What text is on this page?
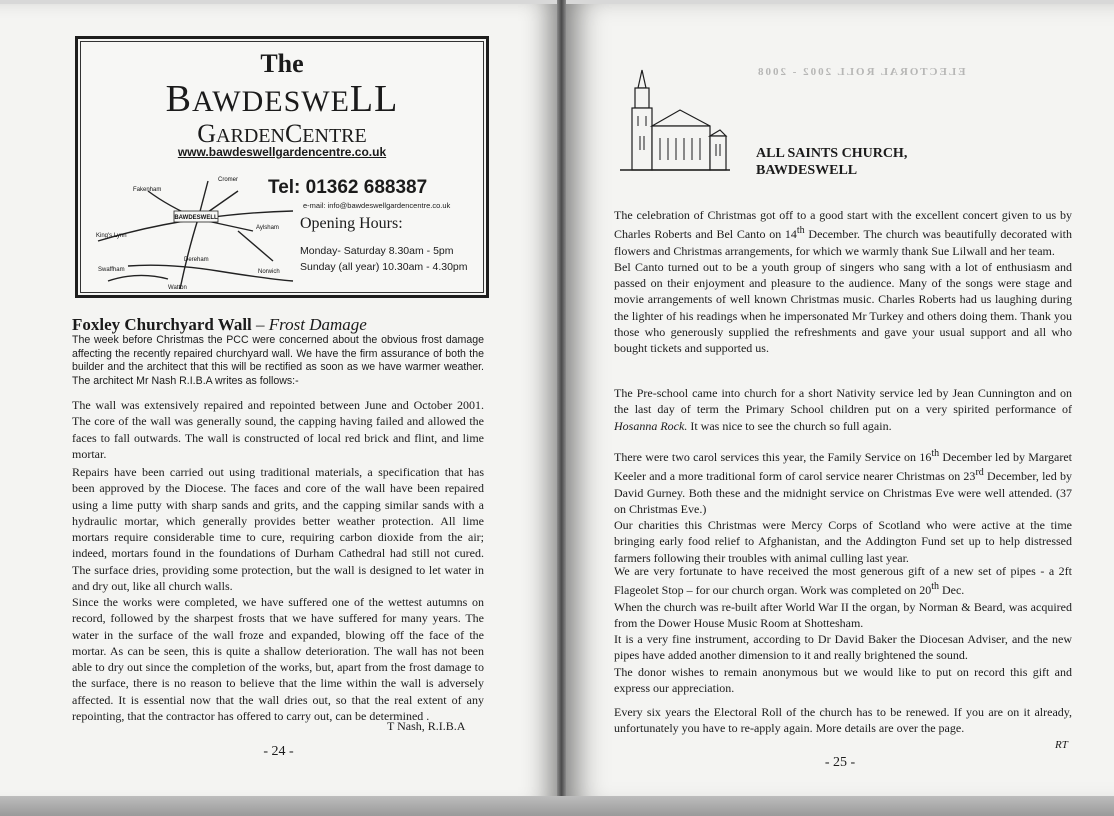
The
BAWDESWELL
GARDENCENTRE
www.bawdeswellgardencentre.co.uk
BAWDESWELL
Cromer
Fakenham
Aylsham
King's Lynn
Dereham
Norwich
Watton
Swaffham
Tel: 01362 688387
e-mail: info@bawdeswellgardencentre.co.uk
Opening Hours:
Monday- Saturday 8.30am - 5pm
Sunday (all year) 10.30am - 4.30pm
Foxley Churchyard Wall – Frost Damage
The week before Christmas the PCC were concerned about the obvious frost damage affecting the recently repaired churchyard wall. We have the firm assurance of both the builder and the architect that this will be rectified as soon as we have warmer weather. The architect Mr Nash R.I.B.A writes as follows:-
The wall was extensively repaired and repointed between June and October 2001. The core of the wall was generally sound, the capping having failed and allowed the faces to fall outwards. The wall is constructed of local red brick and flint, and lime mortar.
Repairs have been carried out using traditional materials, a specification that has been approved by the Diocese. The faces and core of the wall have been repaired using a lime putty with sharp sands and grits, and the capping similar sands with a hydraulic mortar, which generally provides better weather protection. All lime mortars require considerable time to cure, requiring carbon dioxide from the air; indeed, mortars found in the foundations of Durham Cathedral had still not cured. The surface dries, providing some protection, but the wall is designed to let water in and dry out, like all church walls.
Since the works were completed, we have suffered one of the wettest autumns on record, followed by the sharpest frosts that we have suffered for many years. The water in the surface of the wall froze and expanded, blowing off the face of the mortar. As can be seen, this is quite a shallow deterioration. The wall has not been able to dry out since the completion of the works, but, apart from the frost damage to the surface, there is no reason to believe that the lime within the wall is adversely affected. It is essential now that the wall dries out, so that the real extent of any repointing, that the contractor has offered to carry out, can be determined .
T Nash, R.I.B.A
- 24 -
ELECTORAL ROLL 2002 - 2008
ALL SAINTS CHURCH,
BAWDESWELL
The celebration of Christmas got off to a good start with the excellent concert given to us by Charles Roberts and Bel Canto on 14th December. The church was beautifully decorated with flowers and Christmas arrangements, for which we warmly thank Sue Lilwall and her team.
Bel Canto turned out to be a youth group of singers who sang with a lot of enthusiasm and passed on their enjoyment and pleasure to the audience. Many of the songs were stage and movie arrangements of well known Christmas music. Charles Roberts had us laughing during the lighter of his readings when he impersonated Mr Turkey and others doing them. Thank you those who generously supplied the refreshments and gave your usual support and all who bought tickets and supported us.
The Pre-school came into church for a short Nativity service led by Jean Cunnington and on the last day of term the Primary School children put on a very spirited performance of Hosanna Rock. It was nice to see the church so full again.
There were two carol services this year, the Family Service on 16th December led by Margaret Keeler and a more traditional form of carol service nearer Christmas on 23rd December, led by David Gurney. Both these and the midnight service on Christmas Eve were well attended. (37 on Christmas Eve.)
Our charities this Christmas were Mercy Corps of Scotland who were active at the time bringing early food relief to Afghanistan, and the Addington Fund set up to help distressed farmers following their troubles with animal culling last year.
We are very fortunate to have received the most generous gift of a new set of pipes - a 2ft Flageolet Stop – for our church organ. Work was completed on 20th Dec.
When the church was re-built after World War II the organ, by Norman & Beard, was acquired from the Dower House Music Room at Shottesham.
It is a very fine instrument, according to Dr David Baker the Diocesan Adviser, and the new pipes have added another dimension to it and really brightened the sound.
The donor wishes to remain anonymous but we would like to put on record this gift and express our appreciation.
Every six years the Electoral Roll of the church has to be renewed. If you are on it already, unfortunately you have to re-apply again. More details are over the page.
RT
- 25 -
